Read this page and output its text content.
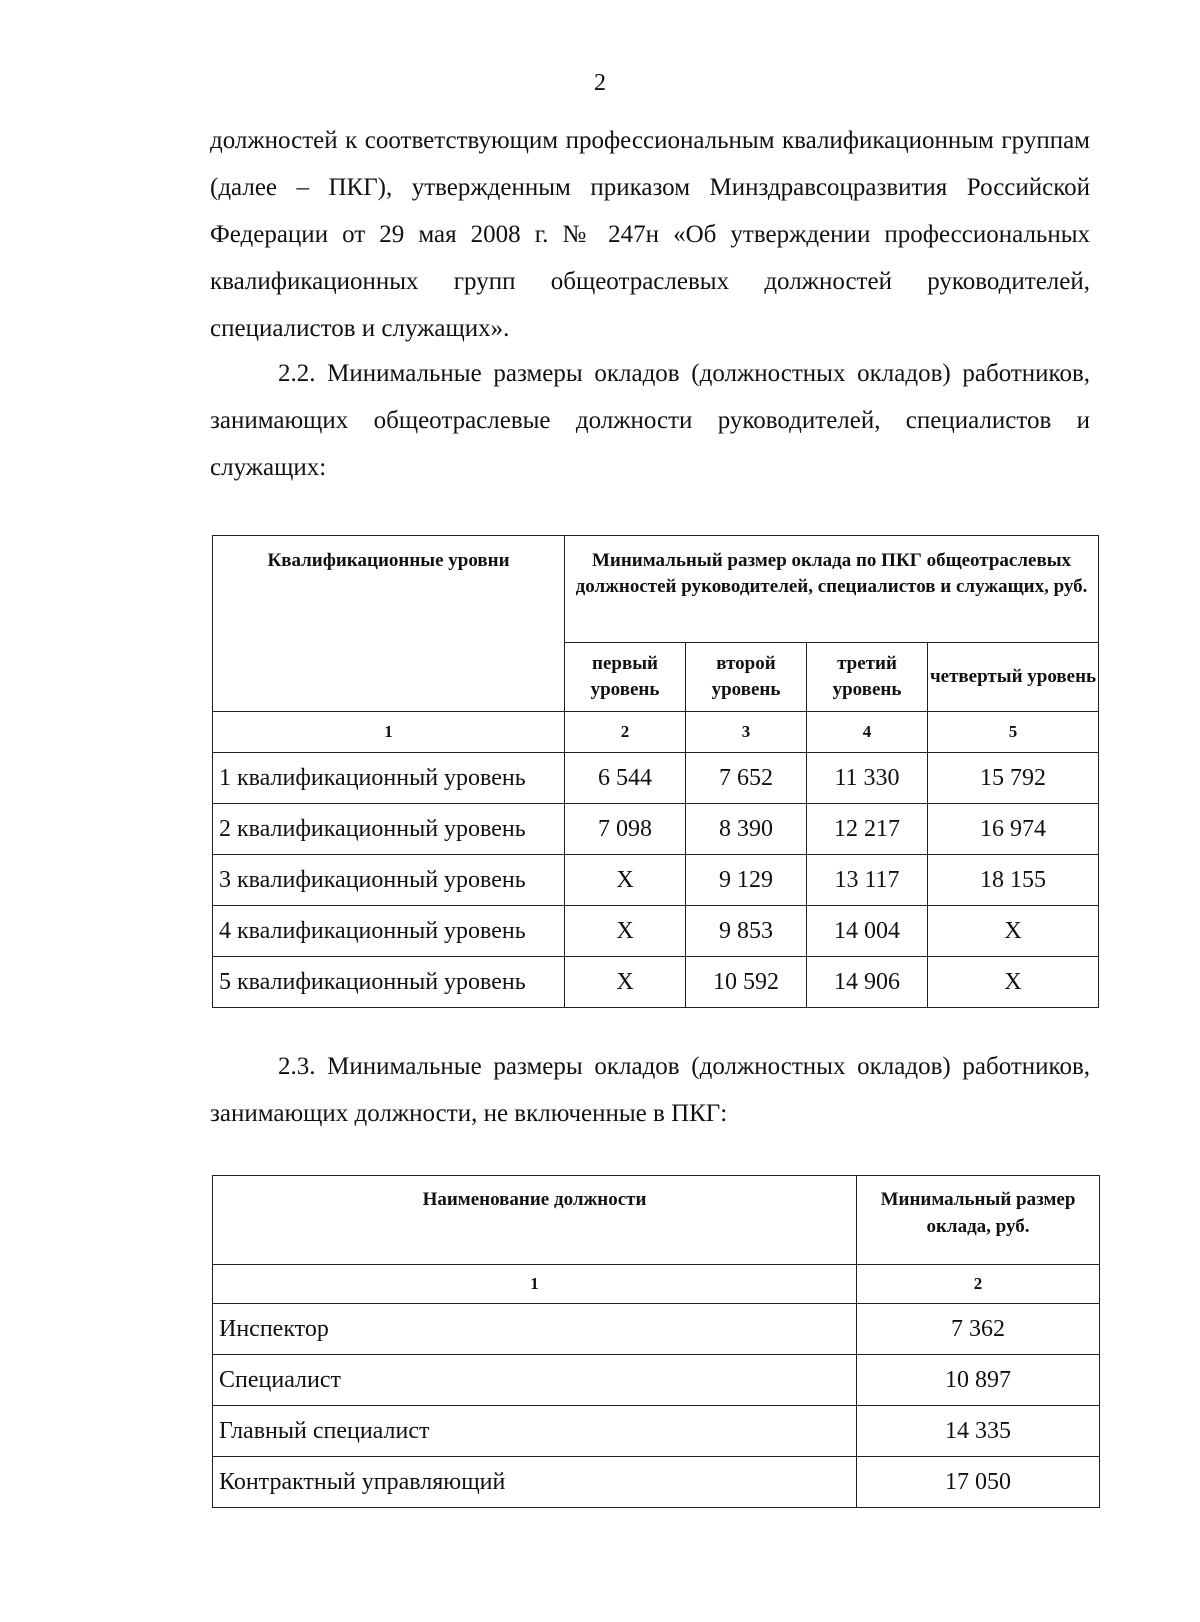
2

должностей к соответствующим профессиональным квалификационным группам (далее – ПКГ), утвержденным приказом Минздравсоцразвития Российской Федерации от 29 мая 2008 г. № 247н «Об утверждении профессиональных квалификационных групп общеотраслевых должностей руководителей, специалистов и служащих».

2.2. Минимальные размеры окладов (должностных окладов) работников, занимающих общеотраслевые должности руководителей, специалистов и служащих:

Квалификационные уровни	Минимальный размер оклада по ПКГ общеотраслевых должностей руководителей, специалистов и служащих, руб.			
	первый уровень	второй уровень	третий уровень	четвертый уровень
1	2	3	4	5
1 квалификационный уровень	6 544	7 652	11 330	15 792
2 квалификационный уровень	7 098	8 390	12 217	16 974
3 квалификационный уровень	Х	9 129	13 117	18 155
4 квалификационный уровень	Х	9 853	14 004	Х
5 квалификационный уровень	Х	10 592	14 906	Х

2.3. Минимальные размеры окладов (должностных окладов) работников, занимающих должности, не включенные в ПКГ:

Наименование должности	Минимальный размер оклада, руб.
1	2
Инспектор	7 362
Специалист	10 897
Главный специалист	14 335
Контрактный управляющий	17 050
